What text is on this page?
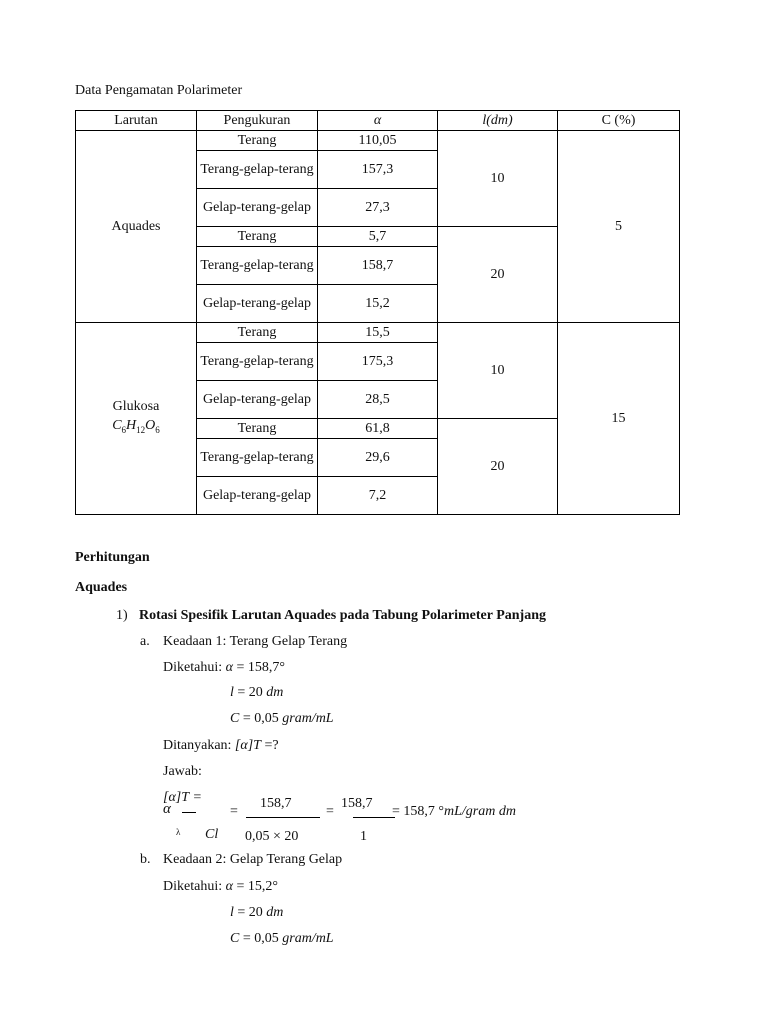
Data Pengamatan Polarimeter
Larutan	Pengukuran	α	l(dm)	C (%)

Aquades	Terang	110,05	10	5
	Terang-gelap-terang	157,3		
	Gelap-terang-gelap	27,3		
	Terang	5,7	20	
	Terang-gelap-terang	158,7		
	Gelap-terang-gelap	15,2		

Glukosa
$C_6H_{12}O_6$	Terang	15,5	10	15
	Terang-gelap-terang	175,3		
	Gelap-terang-gelap	28,5		
	Terang	61,8	20	
	Terang-gelap-terang	29,6		
	Gelap-terang-gelap	7,2		
Perhitungan
Aquades
1) Rotasi Spesifik Larutan Aquades pada Tabung Polarimeter Panjang
a. Keadaan 1: Terang Gelap Terang
Diketahui: α = 158,7°
l = 20 dm
C = 0,05 gram/mL
Ditanyakan: [α]T =?
Jawab:
[α]T =
α
λ Cl
=
158,7
0,05 × 20
=
158,7
1
= 158,7 °mL/gram dm
b. Keadaan 2: Gelap Terang Gelap
Diketahui: α = 15,2°
l = 20 dm
C = 0,05 gram/mL
